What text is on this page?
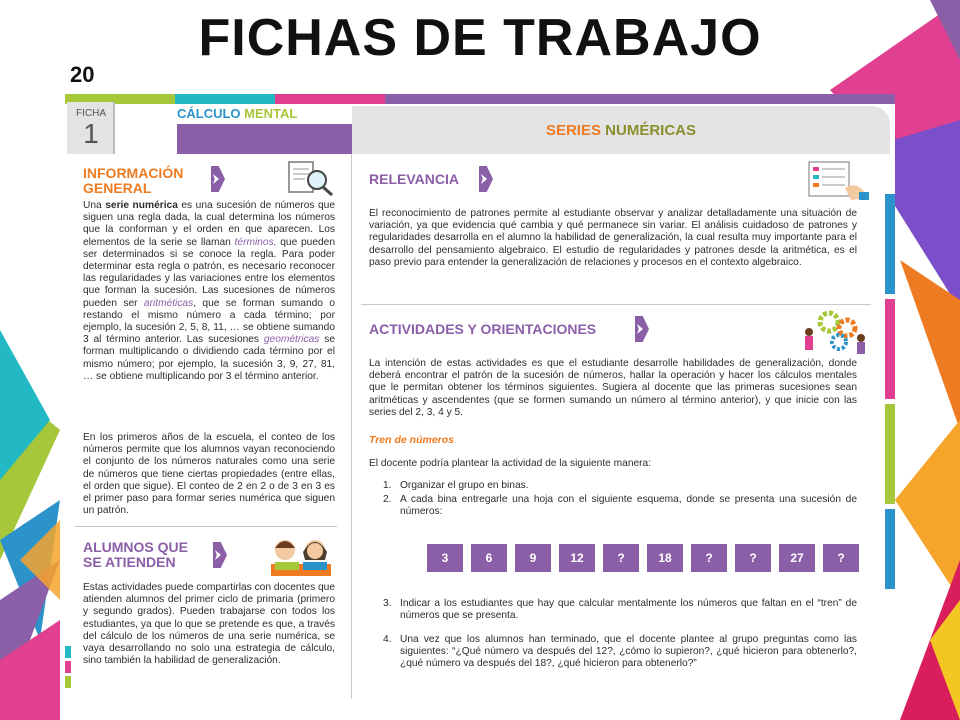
FICHAS DE TRABAJO
20
FICHA
1
CÁLCULO MENTAL
SERIES NUMÉRICAS
INFORMACIÓN
GENERAL
Una serie numérica es una sucesión de números que siguen una regla dada, la cual determina los números que la conforman y el orden en que aparecen. Los elementos de la serie se llaman términos, que pueden ser determinados si se conoce la regla. Para poder determinar esta regla o patrón, es necesario reconocer las regularidades y las variaciones entre los elementos que forman la sucesión. Las sucesiones de números pueden ser aritméticas, que se forman sumando o restando el mismo número a cada término; por ejemplo, la sucesión 2, 5, 8, 11, … se obtiene sumando 3 al término anterior. Las sucesiones geométricas se forman multiplicando o dividiendo cada término por el mismo número; por ejemplo, la sucesión 3, 9, 27, 81, … se obtiene multiplicando por 3 el término anterior.
En los primeros años de la escuela, el conteo de los números permite que los alumnos vayan reconociendo el conjunto de los números naturales como una serie de números que tiene ciertas propiedades (entre ellas, el orden que sigue). El conteo de 2 en 2 o de 3 en 3 es el primer paso para formar series numérica que siguen un patrón.
ALUMNOS QUE
SE ATIENDEN
Estas actividades puede compartirlas con docentes que atienden alumnos del primer ciclo de primaria (primero y segundo grados). Pueden trabajarse con todos los estudiantes, ya que lo que se pretende es que, a través del cálculo de los números de una serie numérica, se vaya desarrollando no solo una estrategia de cálculo, sino también la habilidad de generalización.
RELEVANCIA
El reconocimiento de patrones permite al estudiante observar y analizar detalladamente una situación de variación, ya que evidencia qué cambia y qué permanece sin variar. El análisis cuidadoso de patrones y regularidades desarrolla en el alumno la habilidad de generalización, la cual resulta muy importante para el desarrollo del pensamiento algebraico. El estudio de regularidades y patrones desde la aritmética, es el paso previo para entender la generalización de relaciones y procesos en el contexto algebraico.
ACTIVIDADES Y ORIENTACIONES
La intención de estas actividades es que el estudiante desarrolle habilidades de generalización, donde deberá encontrar el patrón de la sucesión de números, hallar la operación y hacer los cálculos mentales que le permitan obtener los términos siguientes. Sugiera al docente que las primeras sucesiones sean aritméticas y ascendentes (que se formen sumando un número al término anterior), y que inicie con las series del 2, 3, 4 y 5.
Tren de números
El docente podría plantear la actividad de la siguiente manera:
1. Organizar el grupo en binas.
2. A cada bina entregarle una hoja con el siguiente esquema, donde se presenta una sucesión de números:
3	6	9	12	?	18	?	?	27	?
3. Indicar a los estudiantes que hay que calcular mentalmente los números que faltan en el “tren” de números que se presenta.
4. Una vez que los alumnos han terminado, que el docente plantee al grupo preguntas como las siguientes: “¿Qué número va después del 12?, ¿cómo lo supieron?, ¿qué hicieron para obtenerlo?, ¿qué número va después del 18?, ¿qué hicieron para obtenerlo?”
